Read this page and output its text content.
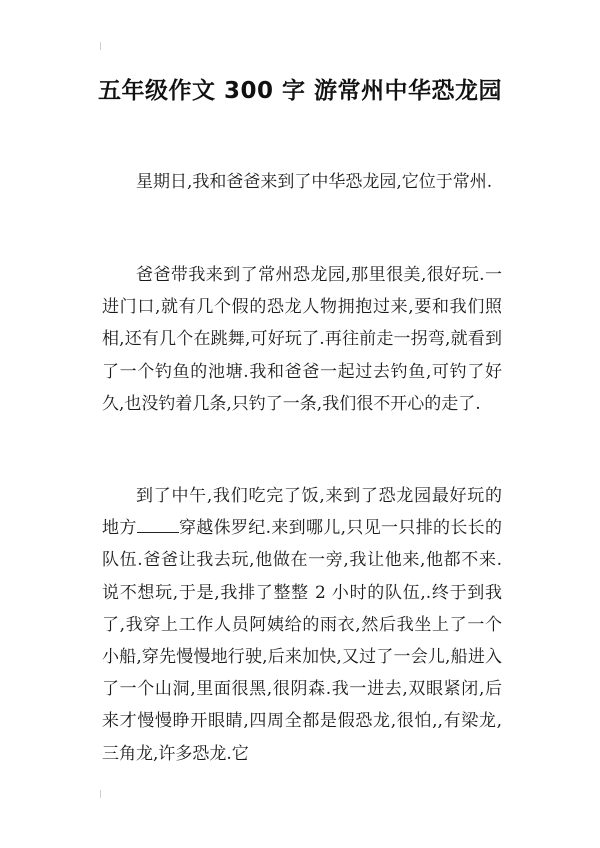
五年级作文 300 字 游常州中华恐龙园

星期日,我和爸爸来到了中华恐龙园,它位于常州.

爸爸带我来到了常州恐龙园,那里很美,很好玩.一进门口,就有几个假的恐龙人物拥抱过来,要和我们照相,还有几个在跳舞,可好玩了.再往前走一拐弯,就看到了一个钓鱼的池塘.我和爸爸一起过去钓鱼,可钓了好久,也没钓着几条,只钓了一条,我们很不开心的走了.

到了中午,我们吃完了饭,来到了恐龙园最好玩的地方 穿越侏罗纪.来到哪儿,只见一只排的长长的队伍.爸爸让我去玩,他做在一旁,我让他来,他都不来.说不想玩,于是,我排了整整 2 小时的队伍,.终于到我了,我穿上工作人员阿姨给的雨衣,然后我坐上了一个小船,穿先慢慢地行驶,后来加快,又过了一会儿,船进入了一个山洞,里面很黑,很阴森.我一进去,双眼紧闭,后来才慢慢睁开眼睛,四周全都是假恐龙,很怕,,有梁龙,三角龙,许多恐龙.它
